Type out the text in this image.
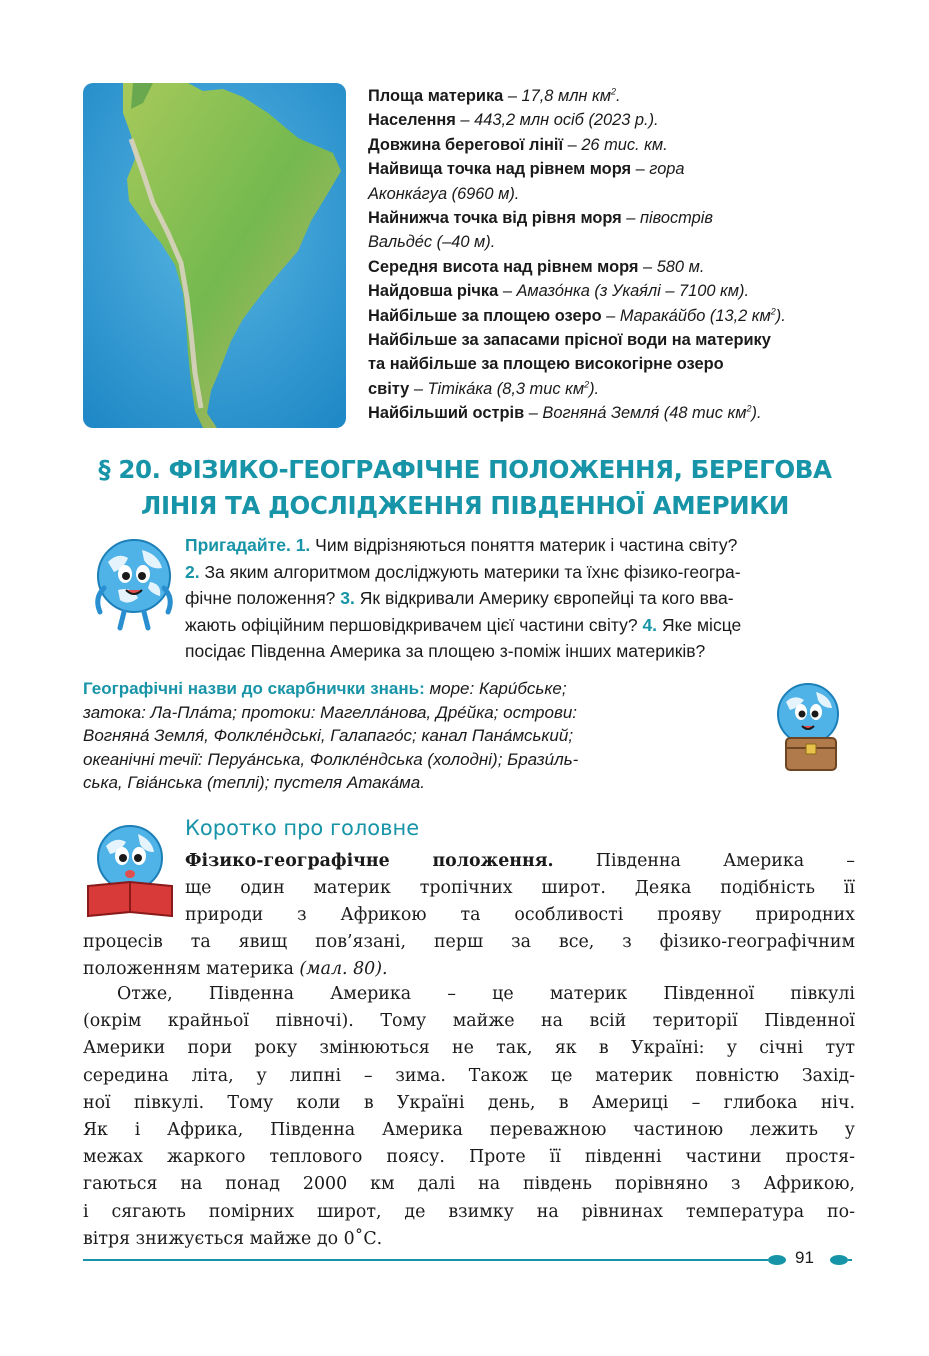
Площа материка – 17,8 млн $км^2$.
Населення – 443,2 млн осіб (2023 р.).
Довжина берегової лінії – 26 тис. км.
Найвища точка над рівнем моря – гора
Аконка́гуа (6960 м).
Найнижча точка від рівня моря – півострів
Вальде́с (–40 м).
Середня висота над рівнем моря – 580 м.
Найдовша річка – Амазо́нка (з Укая́лі – 7100 км).
Найбільше за площею озеро – Марака́йбо (13,2 $км^2$).
Найбільше за запасами прісної води на материку
та найбільше за площею високогірне озеро
світу – Тітіка́ка (8,3 тис $км^2$).
Найбільший острів – Вогняна́ Земля́ (48 тис $км^2$).
§ 20. ФІЗИКО-ГЕОГРАФІЧНЕ ПОЛОЖЕННЯ, БЕРЕГОВА
ЛІНІЯ ТА ДОСЛІДЖЕННЯ ПІВДЕННОЇ АМЕРИКИ
Пригадайте. 1. Чим відрізняються поняття материк і частина світу?
2. За яким алгоритмом досліджують материки та їхнє фізико-геогра-
фічне положення? 3. Як відкривали Америку європейці та кого вва-
жають офіційним першовідкривачем цієї частини світу? 4. Яке місце
посідає Південна Америка за площею з-поміж інших материків?
Географічні назви до скарбнички знань: море: Кари́бське;
затока: Ла-Пла́та; протоки: Магелла́нова, Дре́йка; острови:
Вогняна́ Земля́, Фолкле́ндські, Галапаго́с; канал Пана́мський;
океанічні течії: Перуа́нська, Фолкле́ндська (холодні); Брази́ль-
ська, Гвіа́нська (теплі); пустеля Атака́ма.
Коротко про головне
Фізико-географічне положення. Південна Америка –
ще один материк тропічних широт. Деяка подібність її
природи з Африкою та особливості прояву природних
процесів та явищ пов’язані, перш за все, з фізико-географічним
положенням материка (мал. 80).
Отже, Південна Америка – це материк Південної півкулі
(окрім крайньої півночі). Тому майже на всій території Південної
Америки пори року змінюються не так, як в Україні: у січні тут
середина літа, у липні – зима. Також це материк повністю Захід-
ної півкулі. Тому коли в Україні день, в Америці – глибока ніч.
Як і Африка, Південна Америка переважною частиною лежить у
межах жаркого теплового поясу. Проте її південні частини простя-
гаються на понад 2000 км далі на південь порівняно з Африкою,
і сягають помірних широт, де взимку на рівнинах температура по-
вітря знижується майже до 0˚С.
91
